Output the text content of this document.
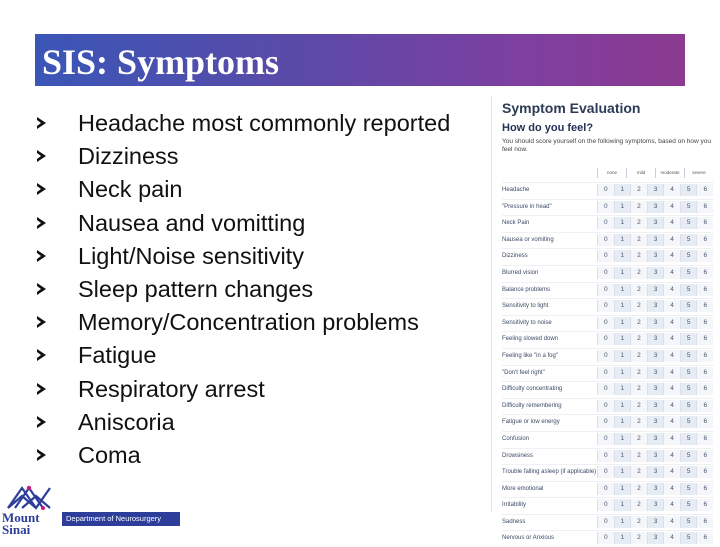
SIS: Symptoms
Headache most commonly reported
Dizziness
Neck pain
Nausea and vomitting
Light/Noise sensitivity
Sleep pattern changes
Memory/Concentration problems
Fatigue
Respiratory arrest
Aniscoria
Coma
Symptom Evaluation
How do you feel?
You should score yourself on the following symptoms, based on how you feel now.
none	mild	moderate	severe
Headache	0	1	2	3	4	5	6
"Pressure in head"	0	1	2	3	4	5	6
Neck Pain	0	1	2	3	4	5	6
Nausea or vomiting	0	1	2	3	4	5	6
Dizziness	0	1	2	3	4	5	6
Blurred vision	0	1	2	3	4	5	6
Balance problems	0	1	2	3	4	5	6
Sensitivity to light	0	1	2	3	4	5	6
Sensitivity to noise	0	1	2	3	4	5	6
Feeling slowed down	0	1	2	3	4	5	6
Feeling like "in a fog"	0	1	2	3	4	5	6
"Don't feel right"	0	1	2	3	4	5	6
Difficulty concentrating	0	1	2	3	4	5	6
Difficulty remembering	0	1	2	3	4	5	6
Fatigue or low energy	0	1	2	3	4	5	6
Confusion	0	1	2	3	4	5	6
Drowsiness	0	1	2	3	4	5	6
Trouble falling asleep (if applicable)	0	1	2	3	4	5	6
More emotional	0	1	2	3	4	5	6
Irritability	0	1	2	3	4	5	6
Sadness	0	1	2	3	4	5	6
Nervous or Anxious	0	1	2	3	4	5	6
Mount
Sinai
Department of Neurosurgery
